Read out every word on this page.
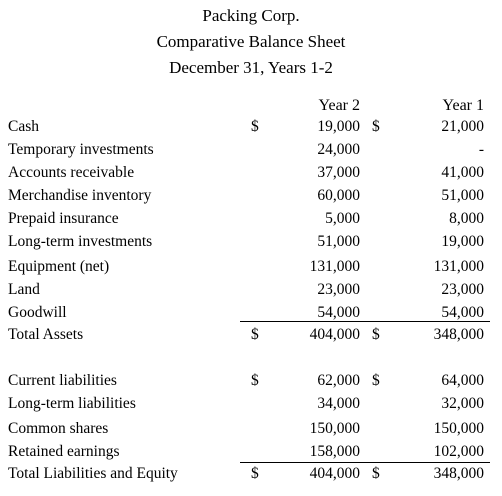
Packing Corp.
Comparative Balance Sheet
December 31, Years 1-2
Year 2	Year 1
Cash	$	19,000 $	21,000
Temporary investments	24,000	-
Accounts receivable	37,000	41,000
Merchandise inventory	60,000	51,000
Prepaid insurance	5,000	8,000
Long-term investments	51,000	19,000
Equipment (net)	131,000	131,000
Land	23,000	23,000
Goodwill	54,000	54,000
Total Assets	$	404,000 $	348,000
Current liabilities	$	62,000 $	64,000
Long-term liabilities	34,000	32,000
Common shares	150,000	150,000
Retained earnings	158,000	102,000
Total Liabilities and Equity	$	404,000 $	348,000
